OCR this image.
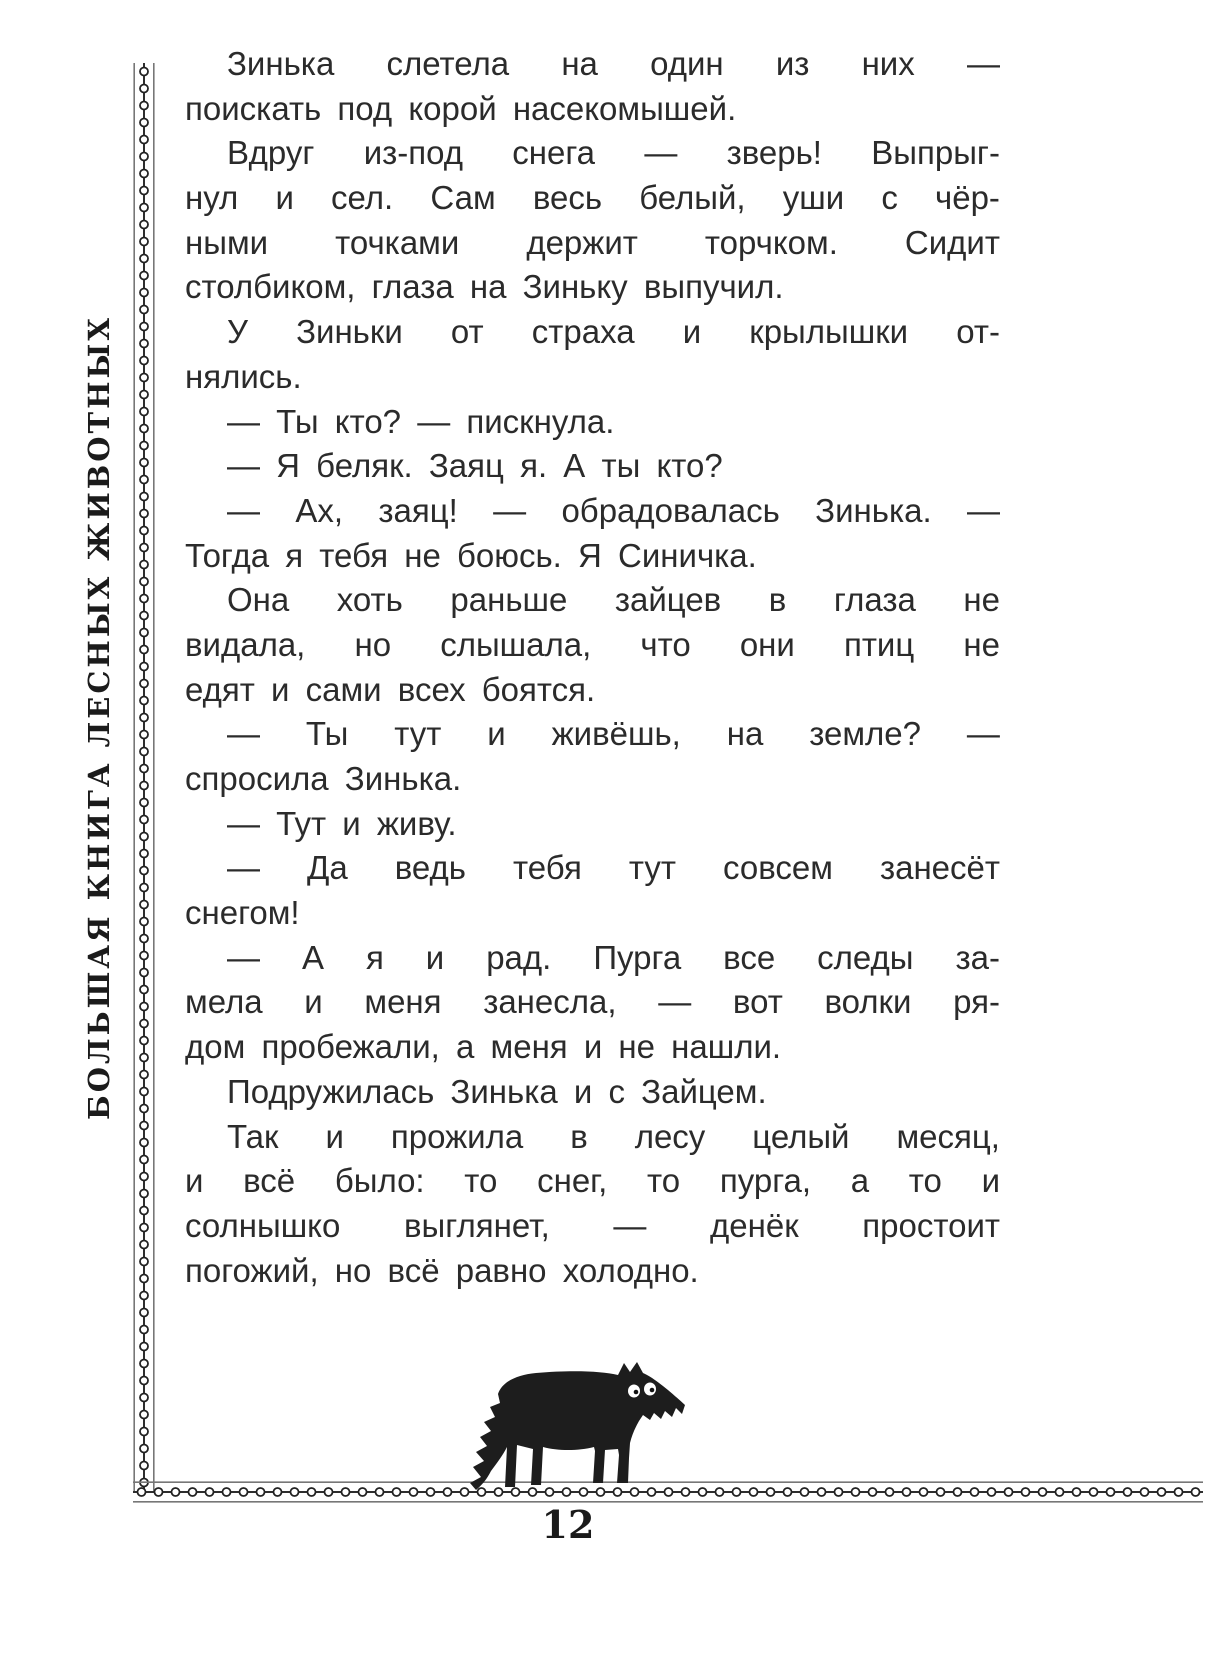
БОЛЬШАЯ КНИГА ЛЕСНЫХ ЖИВОТНЫХ
Зинька слетела на один из них —
поискать под корой насекомышей.
Вдруг из-под снега — зверь! Выпрыг-
нул и сел. Сам весь белый, уши с чёр-
ными точками держит торчком. Сидит
столбиком, глаза на Зиньку выпучил.
У Зиньки от страха и крылышки от-
нялись.
— Ты кто? — пискнула.
— Я беляк. Заяц я. А ты кто?
— Ах, заяц! — обрадовалась Зинька. —
Тогда я тебя не боюсь. Я Синичка.
Она хоть раньше зайцев в глаза не
видала, но слышала, что они птиц не
едят и сами всех боятся.
— Ты тут и живёшь, на земле? —
спросила Зинька.
— Тут и живу.
— Да ведь тебя тут совсем занесёт
снегом!
— А я и рад. Пурга все следы за-
мела и меня занесла, — вот волки ря-
дом пробежали, а меня и не нашли.
Подружилась Зинька и с Зайцем.
Так и прожила в лесу целый месяц,
и всё было: то снег, то пурга, а то и
солнышко выглянет, — денёк простоит
погожий, но всё равно холодно.
12
